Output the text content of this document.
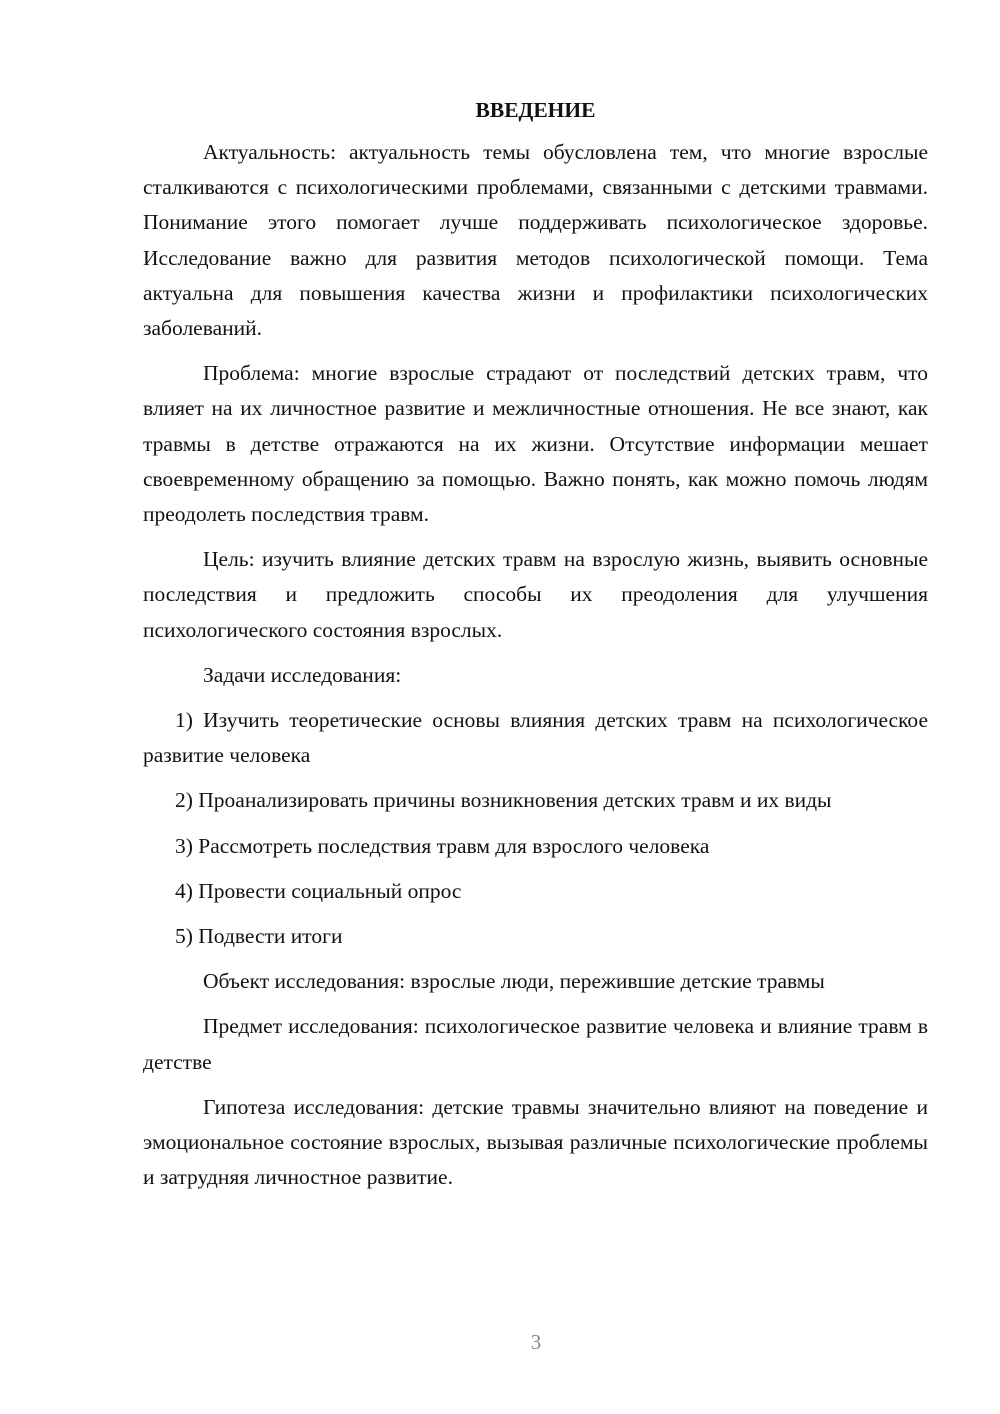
ВВЕДЕНИЕ

Актуальность: актуальность темы обусловлена тем, что многие взрослые сталкиваются с психологическими проблемами, связанными с детскими травмами. Понимание этого помогает лучше поддерживать психологическое здоровье. Исследование важно для развития методов психологической помощи. Тема актуальна для повышения качества жизни и профилактики психологических заболеваний.

Проблема: многие взрослые страдают от последствий детских травм, что влияет на их личностное развитие и межличностные отношения. Не все знают, как травмы в детстве отражаются на их жизни. Отсутствие информации мешает своевременному обращению за помощью. Важно понять, как можно помочь людям преодолеть последствия травм.

Цель: изучить влияние детских травм на взрослую жизнь, выявить основные последствия и предложить способы их преодоления для улучшения психологического состояния взрослых.

Задачи исследования:

1) Изучить теоретические основы влияния детских травм на психологическое развитие человека

2) Проанализировать причины возникновения детских травм и их виды

3) Рассмотреть последствия травм для взрослого человека

4) Провести социальный опрос

5) Подвести итоги

Объект исследования: взрослые люди, пережившие детские травмы

Предмет исследования: психологическое развитие человека и влияние травм в детстве

Гипотеза исследования: детские травмы значительно влияют на поведение и эмоциональное состояние взрослых, вызывая различные психологические проблемы и затрудняя личностное развитие.

3
